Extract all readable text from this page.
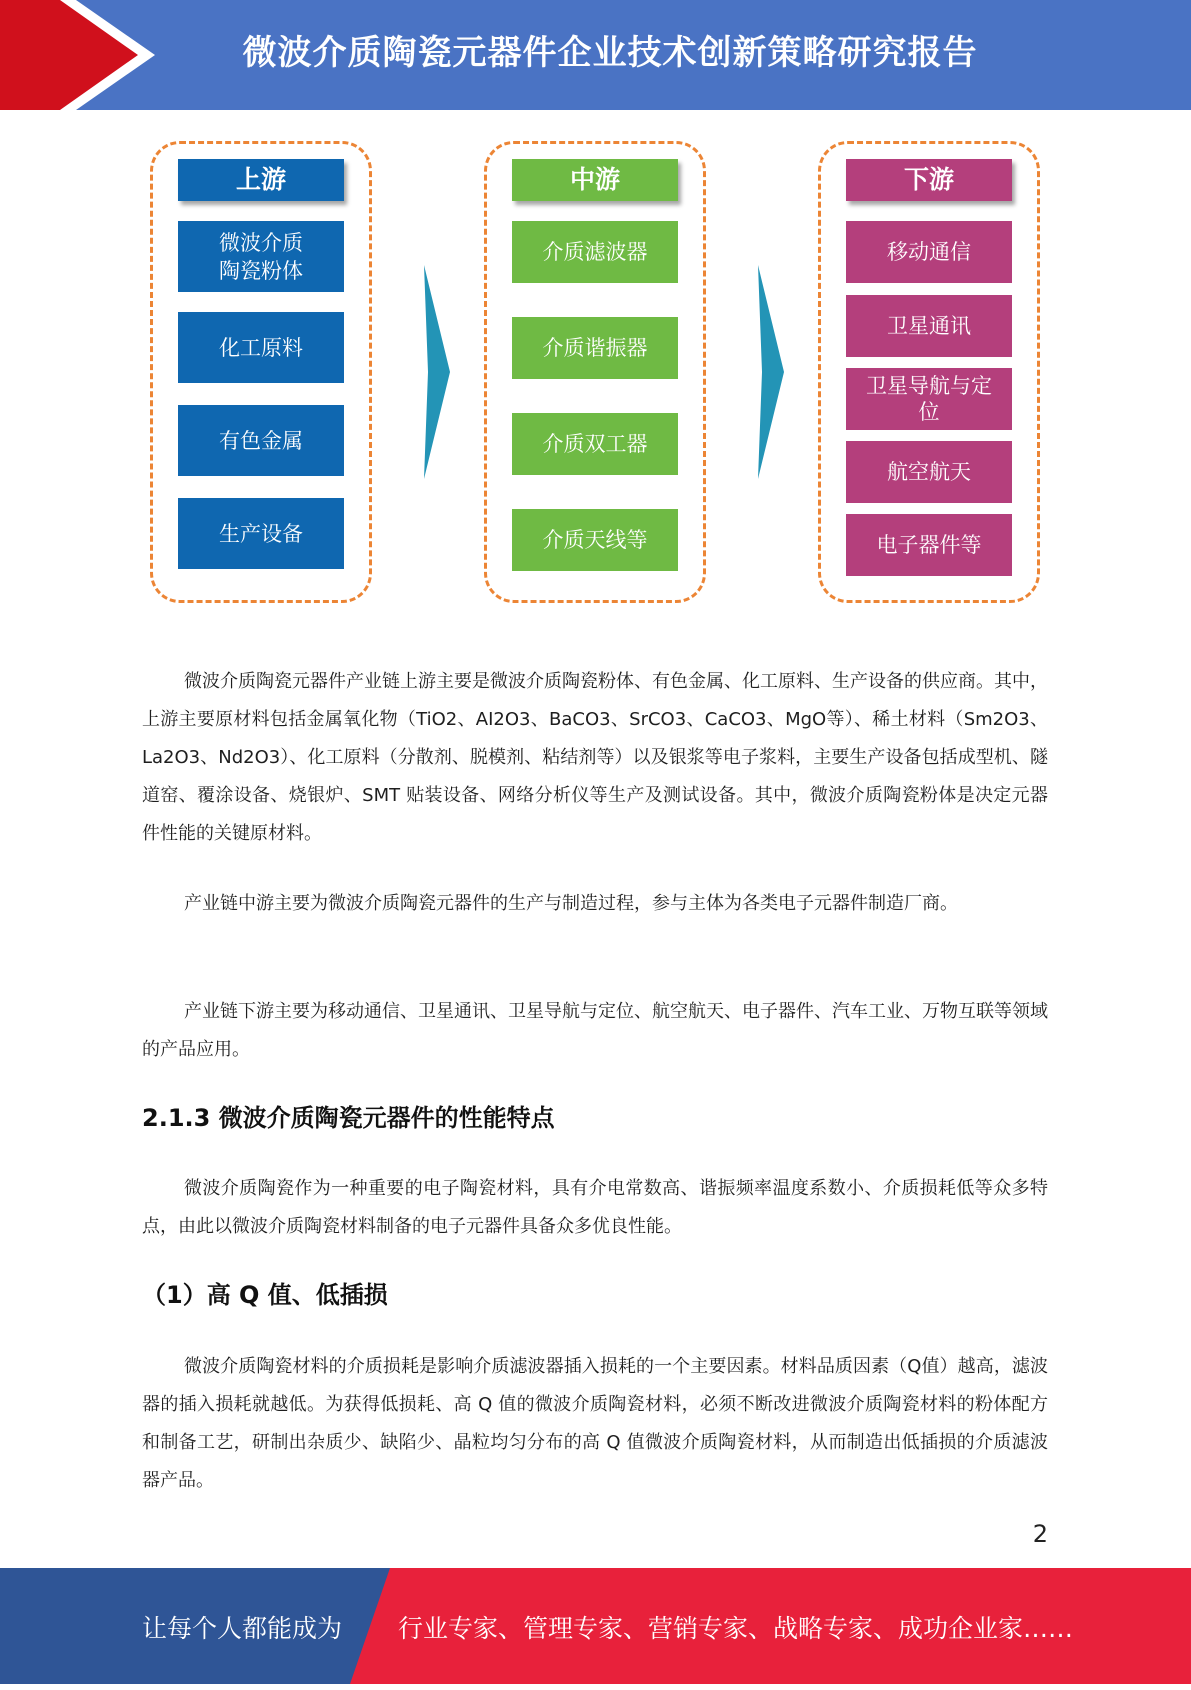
微波介质陶瓷元器件企业技术创新策略研究报告
上游
微波介质陶瓷粉体
化工原料
有色金属
生产设备
中游
介质滤波器
介质谐振器
介质双工器
介质天线等
下游
移动通信
卫星通讯
卫星导航与定位
航空航天
电子器件等

微波介质陶瓷元器件产业链上游主要是微波介质陶瓷粉体、有色金属、化工原料、生产设备的供应商。其中，上游主要原材料包括金属氧化物（TiO2、AI2O3、BaCO3、SrCO3、CaCO3、MgO等）、稀土材料（Sm2O3、La2O3、Nd2O3）、化工原料（分散剂、脱模剂、粘结剂等）以及银浆等电子浆料，主要生产设备包括成型机、隧道窑、覆涂设备、烧银炉、SMT 贴装设备、网络分析仪等生产及测试设备。其中，微波介质陶瓷粉体是决定元器件性能的关键原材料。

产业链中游主要为微波介质陶瓷元器件的生产与制造过程，参与主体为各类电子元器件制造厂商。

产业链下游主要为移动通信、卫星通讯、卫星导航与定位、航空航天、电子器件、汽车工业、万物互联等领域的产品应用。

2.1.3 微波介质陶瓷元器件的性能特点

微波介质陶瓷作为一种重要的电子陶瓷材料，具有介电常数高、谐振频率温度系数小、介质损耗低等众多特点，由此以微波介质陶瓷材料制备的电子元器件具备众多优良性能。

（1）高 Q 值、低插损

微波介质陶瓷材料的介质损耗是影响介质滤波器插入损耗的一个主要因素。材料品质因素（Q值）越高，滤波器的插入损耗就越低。为获得低损耗、高 Q 值的微波介质陶瓷材料，必须不断改进微波介质陶瓷材料的粉体配方和制备工艺，研制出杂质少、缺陷少、晶粒均匀分布的高 Q 值微波介质陶瓷材料，从而制造出低插损的介质滤波器产品。

2
让每个人都能成为 行业专家、管理专家、营销专家、战略专家、成功企业家……
